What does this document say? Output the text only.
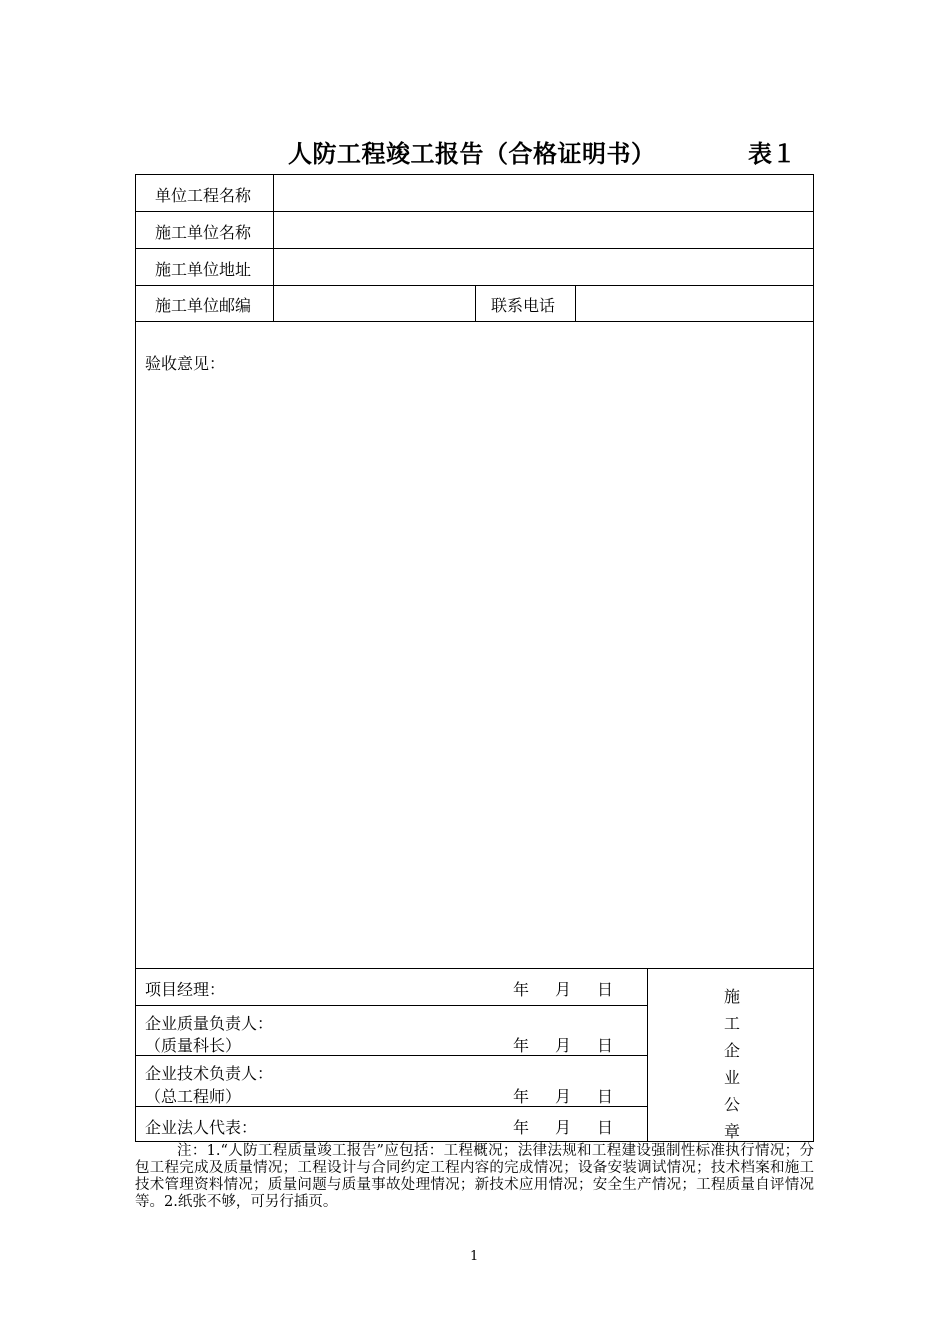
人防工程竣工报告（合格证明书）	表１
单位工程名称
施工单位名称
施工单位地址
施工单位邮编	联系电话
验收意见：
项目经理：
企业质量负责人：
（质量科长）
企业技术负责人：
（总工程师）
企业法人代表：
年 月 日
年 月 日
年 月 日
年 月 日
施工企业公章
注：1.“人防工程质量竣工报告”应包括：工程概况；法律法规和工程建设强制性标准执行情况；分包工程完成及质量情况；工程设计与合同约定工程内容的完成情况；设备安装调试情况；技术档案和施工技术管理资料情况；质量问题与质量事故处理情况；新技术应用情况；安全生产情况；工程质量自评情况等。2.纸张不够，可另行插页。
1
